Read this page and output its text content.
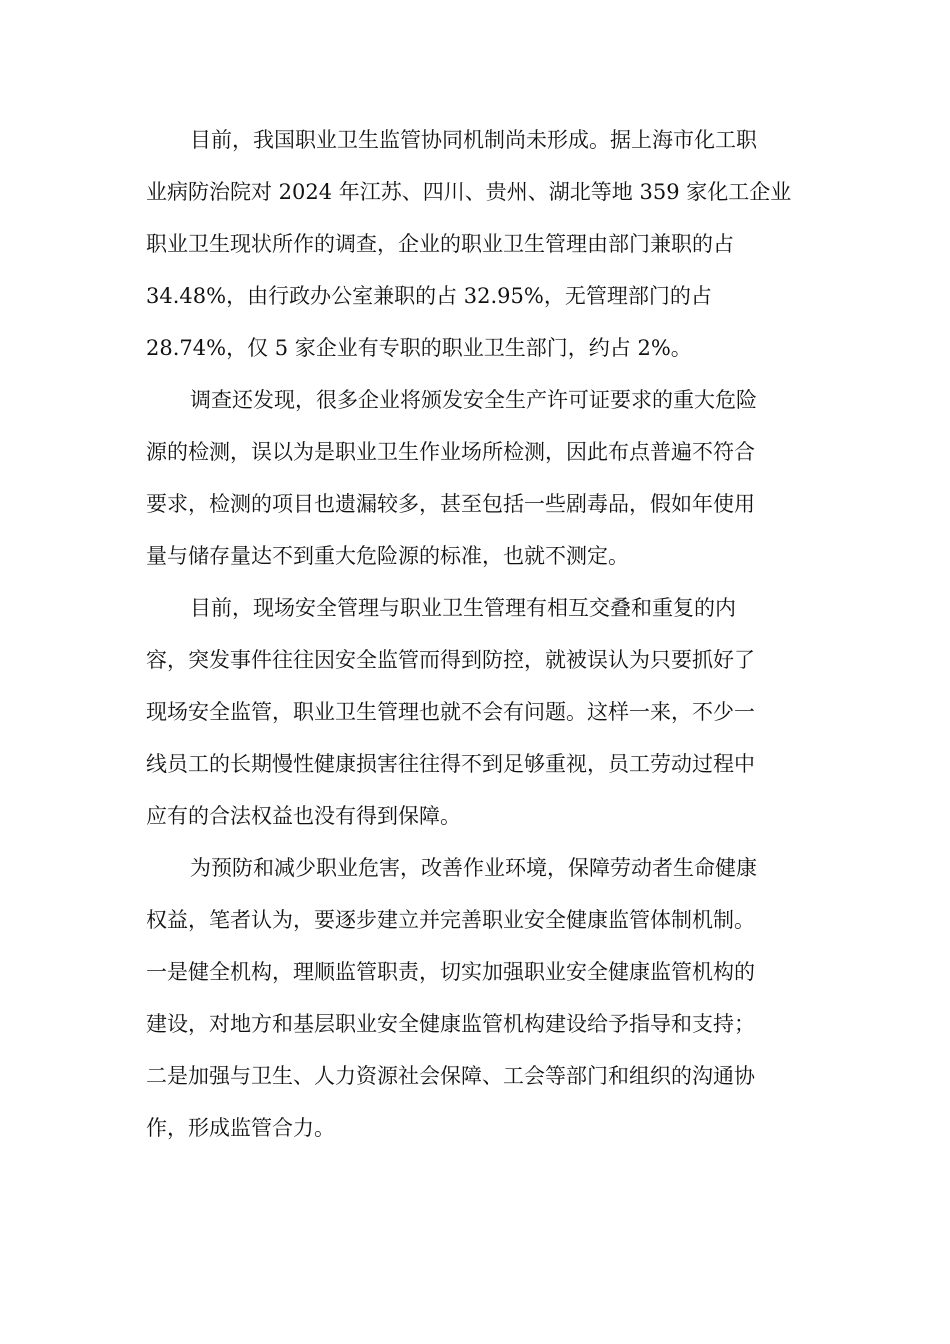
目前，我国职业卫生监管协同机制尚未形成。据上海市化工职
业病防治院对 2024 年江苏、四川、贵州、湖北等地 359 家化工企业
职业卫生现状所作的调查，企业的职业卫生管理由部门兼职的占
34.48%，由行政办公室兼职的占 32.95%，无管理部门的占
28.74%，仅 5 家企业有专职的职业卫生部门，约占 2%。
调查还发现，很多企业将颁发安全生产许可证要求的重大危险
源的检测，误以为是职业卫生作业场所检测，因此布点普遍不符合
要求，检测的项目也遗漏较多，甚至包括一些剧毒品，假如年使用
量与储存量达不到重大危险源的标准，也就不测定。
目前，现场安全管理与职业卫生管理有相互交叠和重复的内
容，突发事件往往因安全监管而得到防控，就被误认为只要抓好了
现场安全监管，职业卫生管理也就不会有问题。这样一来，不少一
线员工的长期慢性健康损害往往得不到足够重视，员工劳动过程中
应有的合法权益也没有得到保障。
为预防和减少职业危害，改善作业环境，保障劳动者生命健康
权益，笔者认为，要逐步建立并完善职业安全健康监管体制机制。
一是健全机构，理顺监管职责，切实加强职业安全健康监管机构的
建设，对地方和基层职业安全健康监管机构建设给予指导和支持；
二是加强与卫生、人力资源社会保障、工会等部门和组织的沟通协
作，形成监管合力。
